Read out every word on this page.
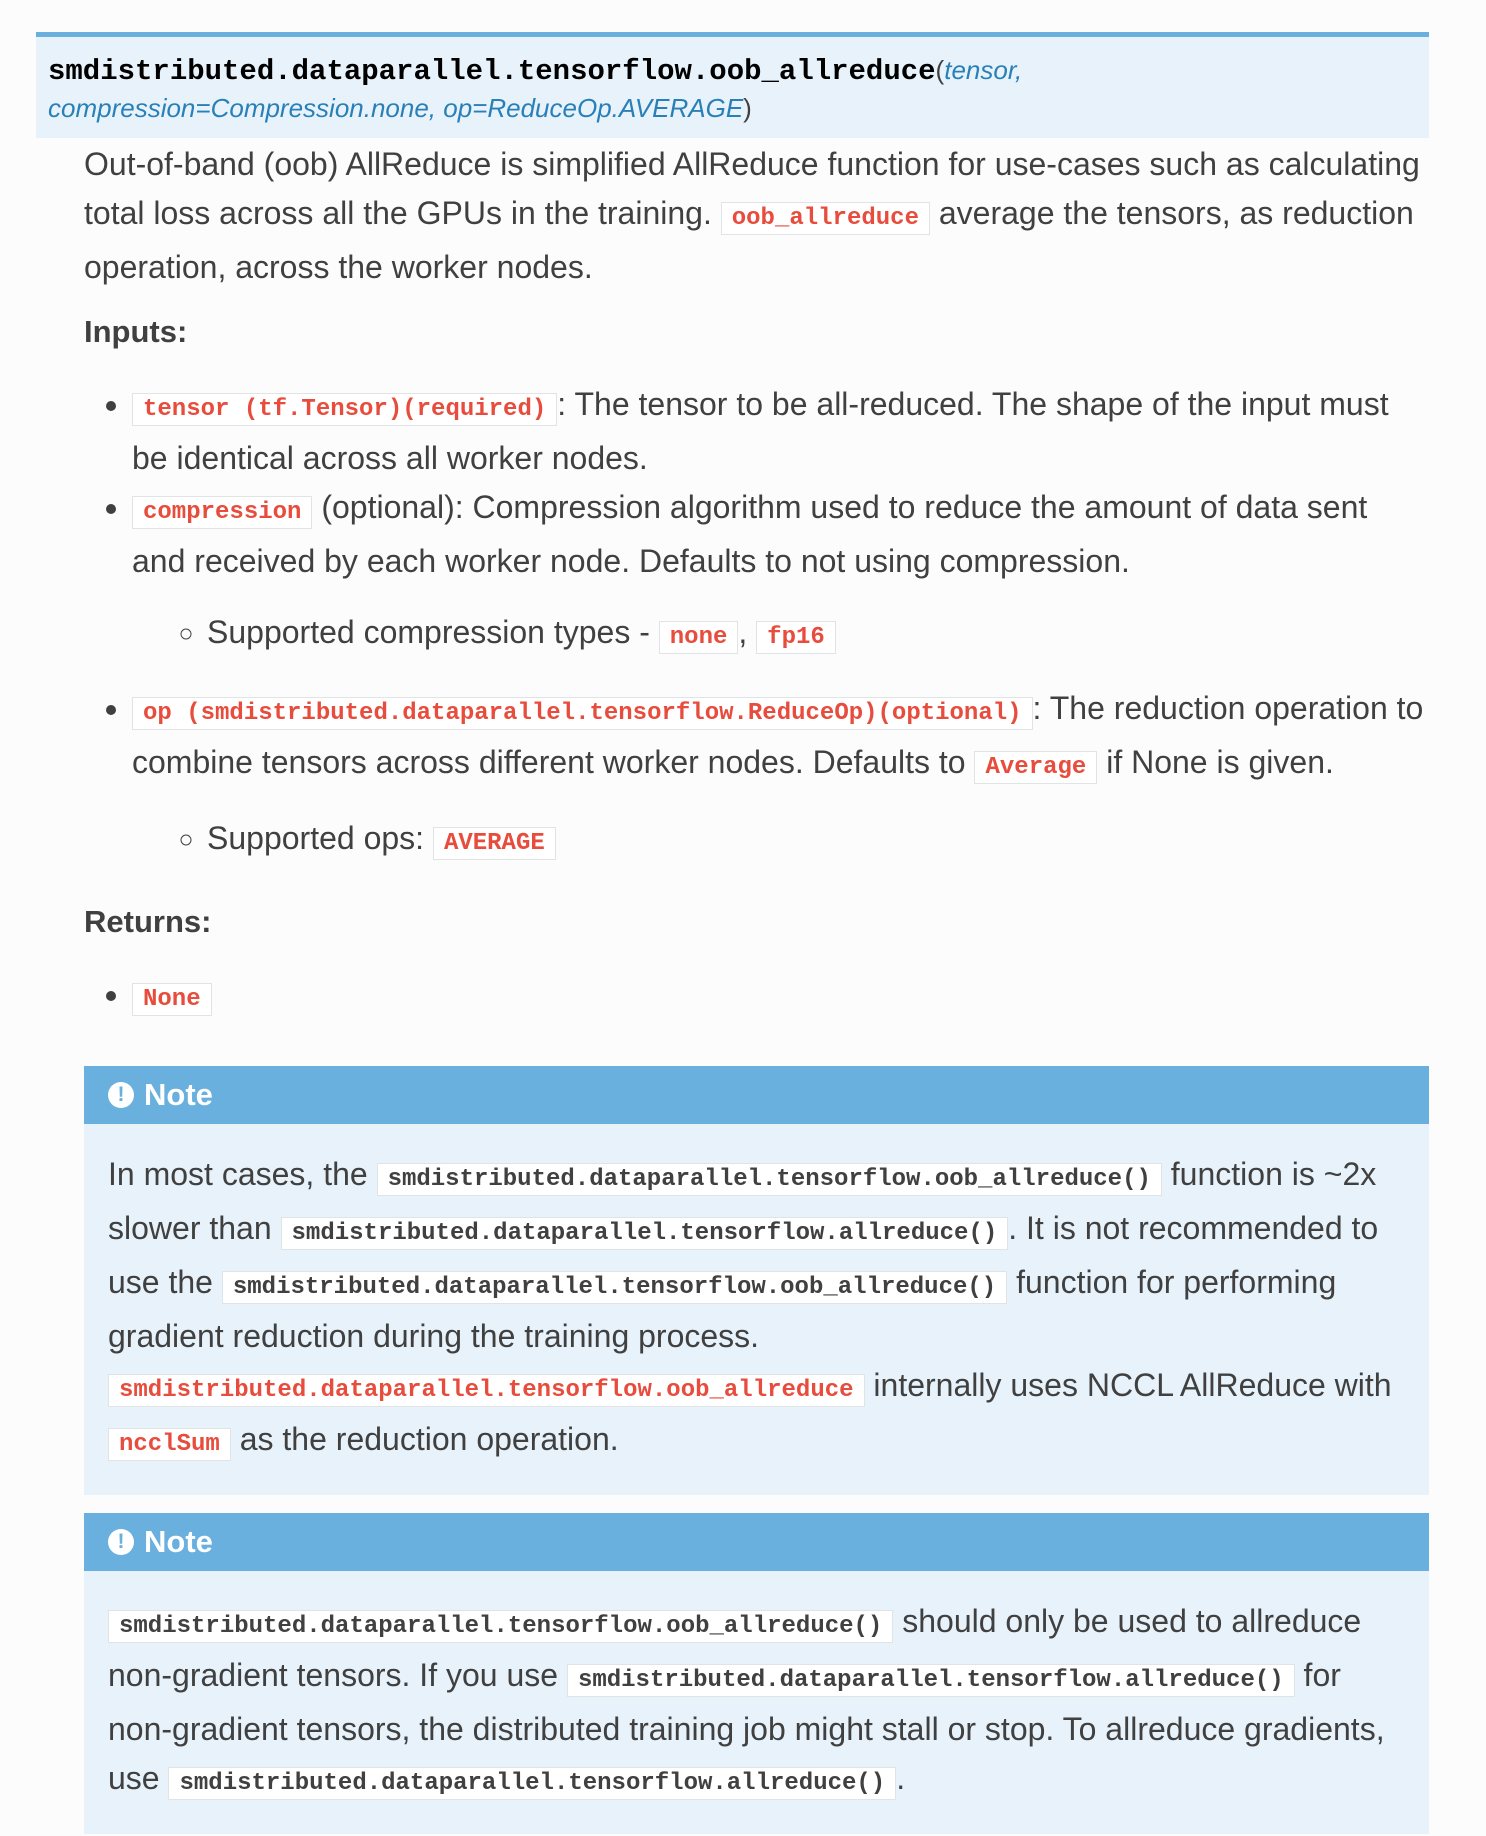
smdistributed.dataparallel.tensorflow.oob_allreduce(tensor,
compression=Compression.none, op=ReduceOp.AVERAGE)

Out-of-band (oob) AllReduce is simplified AllReduce function for use-cases such as calculating total loss across all the GPUs in the training. oob_allreduce average the tensors, as reduction operation, across the worker nodes.

Inputs:
• tensor (tf.Tensor)(required) : The tensor to be all-reduced. The shape of the input must be identical across all worker nodes.
• compression (optional): Compression algorithm used to reduce the amount of data sent and received by each worker node. Defaults to not using compression.
◦ Supported compression types - none , fp16
• op (smdistributed.dataparallel.tensorflow.ReduceOp)(optional) : The reduction operation to combine tensors across different worker nodes. Defaults to Average if None is given.
◦ Supported ops: AVERAGE
Returns:
• None
! Note

In most cases, the smdistributed.dataparallel.tensorflow.oob_allreduce() function is ~2x slower than smdistributed.dataparallel.tensorflow.allreduce() . It is not recommended to use the smdistributed.dataparallel.tensorflow.oob_allreduce() function for performing gradient reduction during the training process. smdistributed.dataparallel.tensorflow.oob_allreduce internally uses NCCL AllReduce with ncclSum as the reduction operation.

! Note

smdistributed.dataparallel.tensorflow.oob_allreduce() should only be used to allreduce non-gradient tensors. If you use smdistributed.dataparallel.tensorflow.allreduce() for non-gradient tensors, the distributed training job might stall or stop. To allreduce gradients, use smdistributed.dataparallel.tensorflow.allreduce() .
